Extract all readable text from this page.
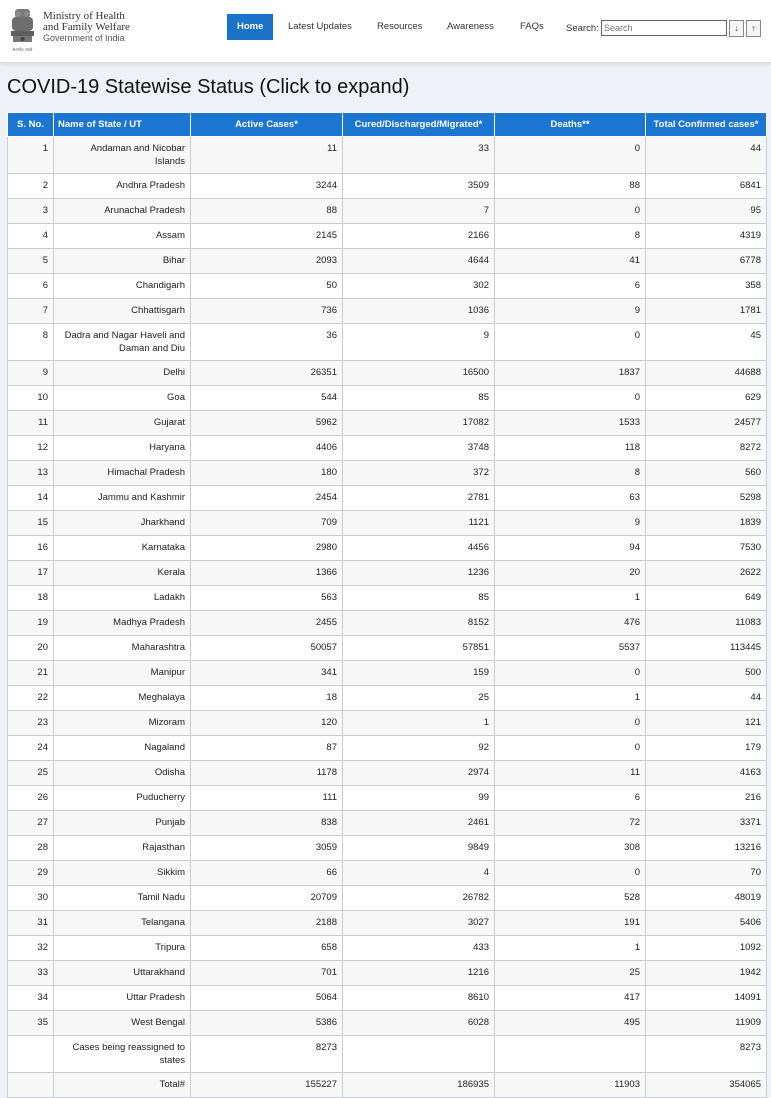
सत्यमेव जयते
Ministry of Health
and Family Welfare
Government of India
Home	Latest Updates	Resources	Awareness	FAQs Search:
Search	↓	↑
COVID-19 Statewise Status (Click to expand)
S. No.	Name of State / UT	Active Cases*	Cured/Discharged/Migrated*	Deaths**	Total Confirmed cases*
1	Andaman and Nicobar Islands	11	33	0	44
2	Andhra Pradesh	3244	3509	88	6841
3	Arunachal Pradesh	88	7	0	95
4	Assam	2145	2166	8	4319
5	Bihar	2093	4644	41	6778
6	Chandigarh	50	302	6	358
7	Chhattisgarh	736	1036	9	1781
8	Dadra and Nagar Haveli and Daman and Diu	36	9	0	45
9	Delhi	26351	16500	1837	44688
10	Goa	544	85	0	629
11	Gujarat	5962	17082	1533	24577
12	Haryana	4406	3748	118	8272
13	Himachal Pradesh	180	372	8	560
14	Jammu and Kashmir	2454	2781	63	5298
15	Jharkhand	709	1121	9	1839
16	Karnataka	2980	4456	94	7530
17	Kerala	1366	1236	20	2622
18	Ladakh	563	85	1	649
19	Madhya Pradesh	2455	8152	476	11083
20	Maharashtra	50057	57851	5537	113445
21	Manipur	341	159	0	500
22	Meghalaya	18	25	1	44
23	Mizoram	120	1	0	121
24	Nagaland	87	92	0	179
25	Odisha	1178	2974	11	4163
26	Puducherry	111	99	6	216
27	Punjab	838	2461	72	3371
28	Rajasthan	3059	9849	308	13216
29	Sikkim	66	4	0	70
30	Tamil Nadu	20709	26782	528	48019
31	Telangana	2188	3027	191	5406
32	Tripura	658	433	1	1092
33	Uttarakhand	701	1216	25	1942
34	Uttar Pradesh	5064	8610	417	14091
35	West Bengal	5386	6028	495	11909
	Cases being reassigned to states	8273			8273
	Total#	155227	186935	11903	354065
